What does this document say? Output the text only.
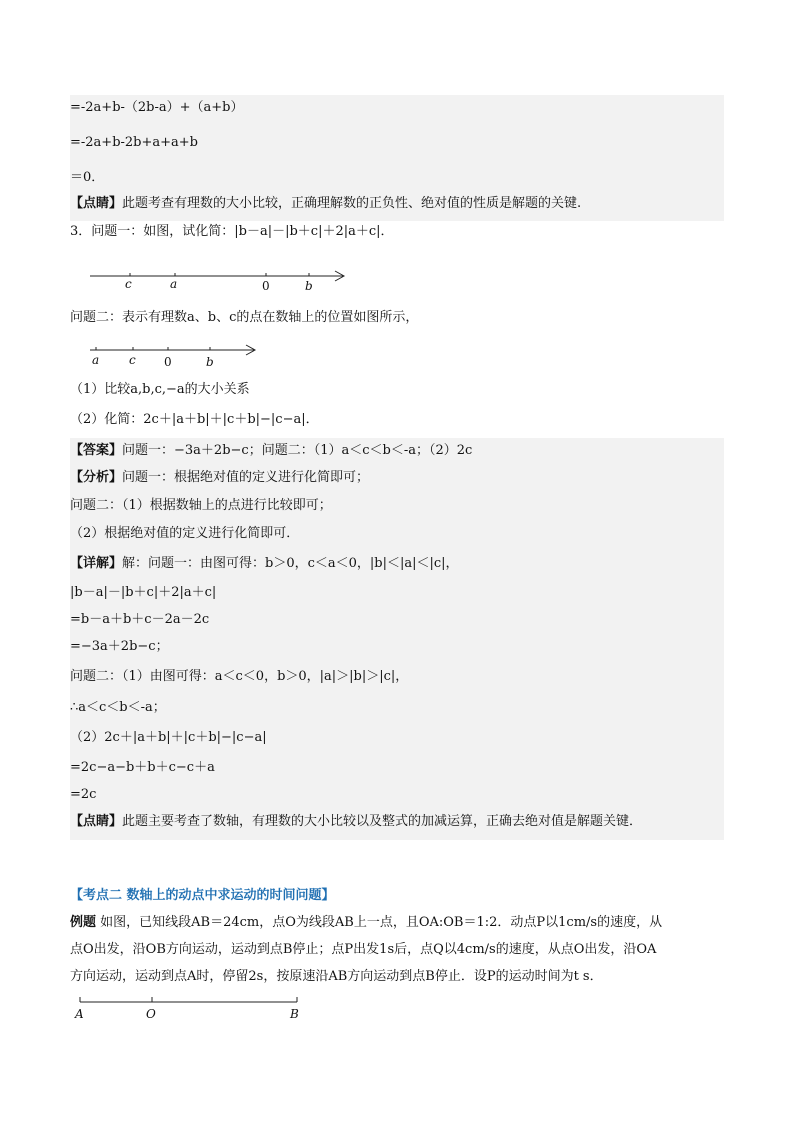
=-2a+b-（2b-a）+（a+b）
=-2a+b-2b+a+a+b
＝0．
【点睛】此题考查有理数的大小比较，正确理解数的正负性、绝对值的性质是解题的关键.
3．问题一：如图，试化简：|b－a|－|b＋c|＋2|a＋c|．
c	a	0	b
问题二：表示有理数a、b、c的点在数轴上的位置如图所示，
a c 0	b
（1）比较a,b,c,−a的大小关系
（2）化简：2c＋|a＋b|＋|c＋b|−|c−a|．
【答案】问题一：−3a＋2b−c；问题二：（1）a＜c＜b＜-a；（2）2c
【分析】问题一：根据绝对值的定义进行化简即可；
问题二：（1）根据数轴上的点进行比较即可；
（2）根据绝对值的定义进行化简即可．
【详解】解：问题一：由图可得：b＞0，c＜a＜0，|b|＜|a|＜|c|，
|b－a|－|b＋c|＋2|a＋c|
=b－a＋b＋c－2a－2c
=−3a＋2b−c；
问题二：（1）由图可得：a＜c＜0，b＞0，|a|＞|b|＞|c|，
∴a＜c＜b＜-a；
（2）2c＋|a＋b|＋|c＋b|−|c−a|
=2c−a−b＋b＋c−c＋a
=2c
【点睛】此题主要考查了数轴，有理数的大小比较以及整式的加减运算，正确去绝对值是解题关键．
【考点二 数轴上的动点中求运动的时间问题】
例题 如图，已知线段AB＝24cm，点O为线段AB上一点，且OA:OB＝1:2．动点P以1cm/s的速度，从
点O出发，沿OB方向运动，运动到点B停止；点P出发1s后，点Q以4cm/s的速度，从点O出发，沿OA
方向运动，运动到点A时，停留2s，按原速沿AB方向运动到点B停止．设P的运动时间为t s．
A	O	B
